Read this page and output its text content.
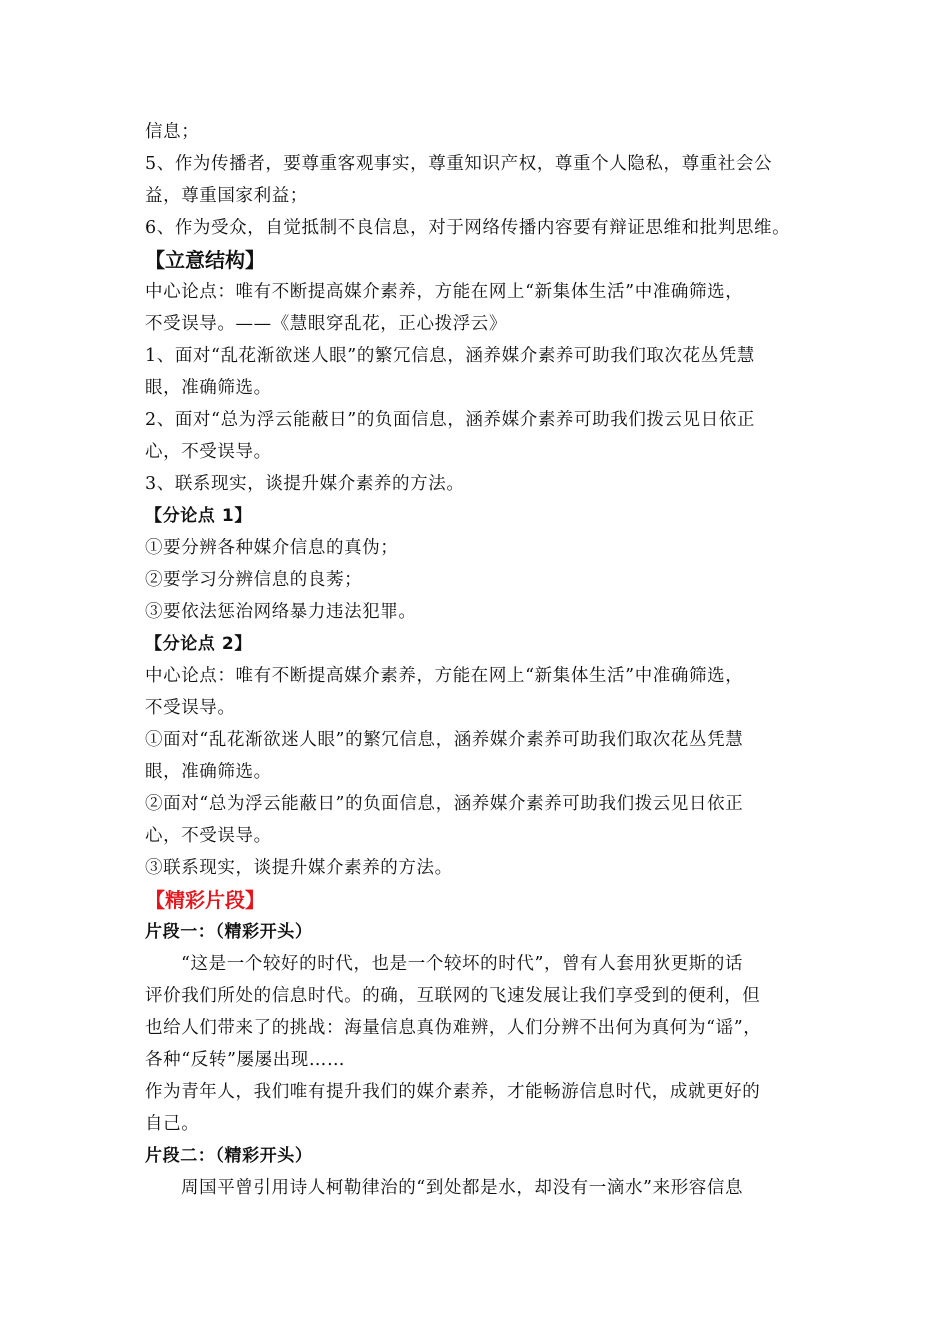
信息；
5、作为传播者，要尊重客观事实，尊重知识产权，尊重个人隐私，尊重社会公
益，尊重国家利益；
6、作为受众，自觉抵制不良信息，对于网络传播内容要有辩证思维和批判思维。
【立意结构】
中心论点：唯有不断提高媒介素养，方能在网上“新集体生活”中准确筛选，
不受误导。——《慧眼穿乱花，正心拨浮云》
1、面对“乱花渐欲迷人眼”的繁冗信息，涵养媒介素养可助我们取次花丛凭慧
眼，准确筛选。
2、面对“总为浮云能蔽日”的负面信息，涵养媒介素养可助我们拨云见日依正
心，不受误导。
3、联系现实，谈提升媒介素养的方法。
【分论点 1】
①要分辨各种媒介信息的真伪；
②要学习分辨信息的良莠；
③要依法惩治网络暴力违法犯罪。
【分论点 2】
中心论点：唯有不断提高媒介素养，方能在网上“新集体生活”中准确筛选，
不受误导。
①面对“乱花渐欲迷人眼”的繁冗信息，涵养媒介素养可助我们取次花丛凭慧
眼，准确筛选。
②面对“总为浮云能蔽日”的负面信息，涵养媒介素养可助我们拨云见日依正
心，不受误导。
③联系现实，谈提升媒介素养的方法。
【精彩片段】
片段一：（精彩开头）
“这是一个较好的时代，也是一个较坏的时代”，曾有人套用狄更斯的话
评价我们所处的信息时代。的确，互联网的飞速发展让我们享受到的便利，但
也给人们带来了的挑战：海量信息真伪难辨，人们分辨不出何为真何为“谣”，
各种“反转”屡屡出现……
作为青年人，我们唯有提升我们的媒介素养，才能畅游信息时代，成就更好的
自己。
片段二：（精彩开头）
周国平曾引用诗人柯勒律治的“到处都是水，却没有一滴水”来形容信息
